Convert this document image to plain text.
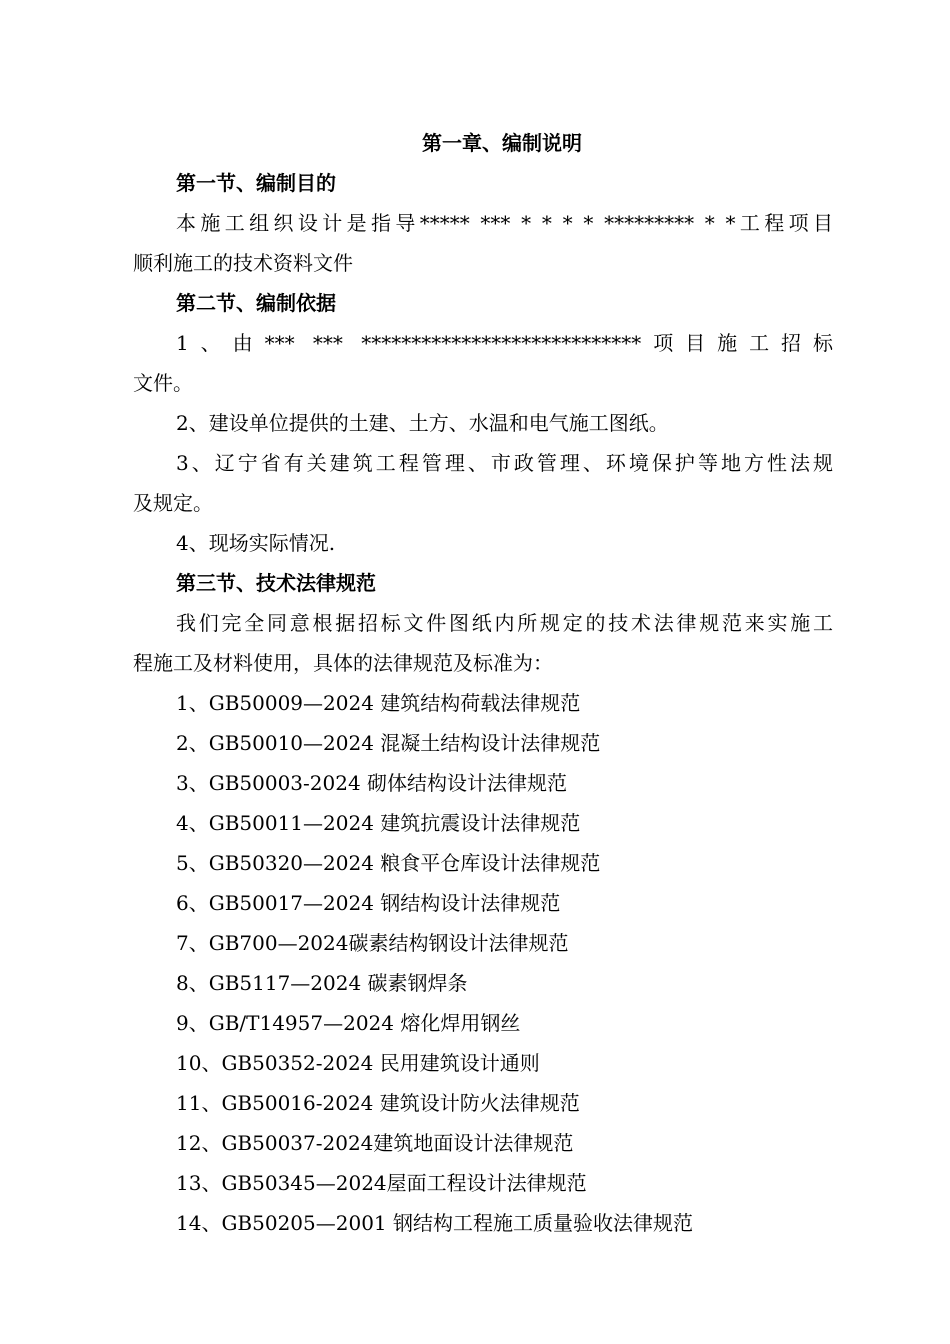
第一章、编制说明
第一节、编制目的
本施工组织设计是指导***** *** * * * * ********* * *工程项目
顺利施工的技术资料文件
第二节、编制依据
1、由*** *** ****************************项目施工招标
文件。
2、建设单位提供的土建、土方、水温和电气施工图纸。
3、辽宁省有关建筑工程管理、市政管理、环境保护等地方性法规
及规定。
4、现场实际情况.
第三节、技术法律规范
我们完全同意根据招标文件图纸内所规定的技术法律规范来实施工
程施工及材料使用，具体的法律规范及标准为：
1、GB50009—2024 建筑结构荷载法律规范
2、GB50010—2024 混凝土结构设计法律规范
3、GB50003-2024 砌体结构设计法律规范
4、GB50011—2024 建筑抗震设计法律规范
5、GB50320—2024 粮食平仓库设计法律规范
6、GB50017—2024 钢结构设计法律规范
7、GB700—2024碳素结构钢设计法律规范
8、GB5117—2024 碳素钢焊条
9、GB/T14957—2024 熔化焊用钢丝
10、GB50352-2024 民用建筑设计通则
11、GB50016-2024 建筑设计防火法律规范
12、GB50037-2024建筑地面设计法律规范
13、GB50345—2024屋面工程设计法律规范
14、GB50205—2001 钢结构工程施工质量验收法律规范
